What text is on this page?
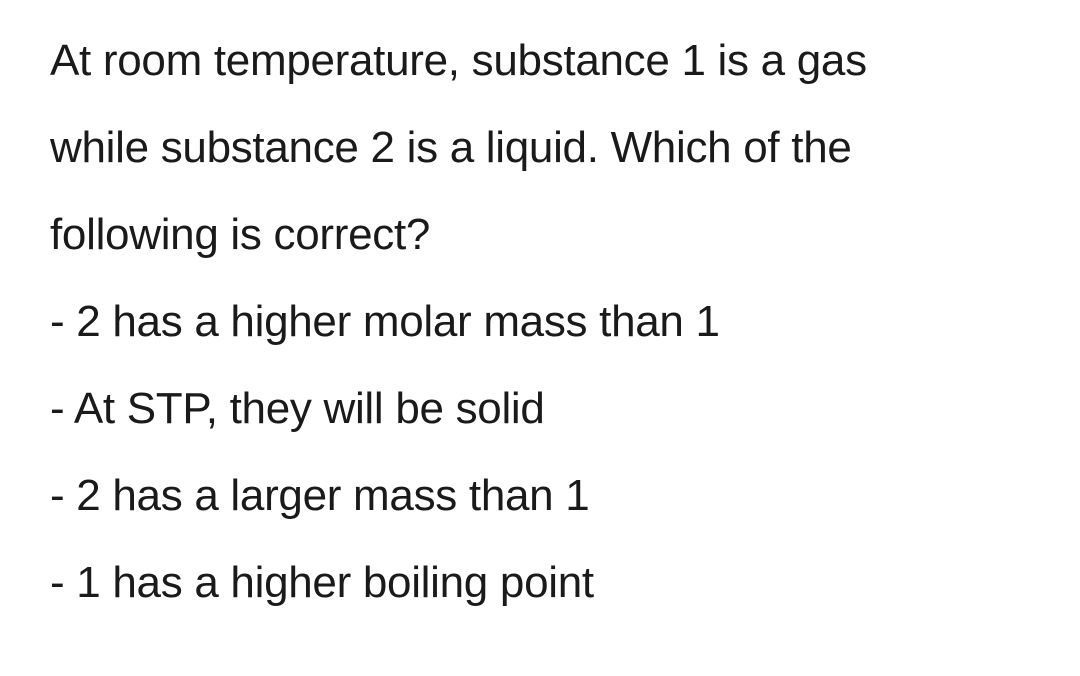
At room temperature, substance 1 is a gas
while substance 2 is a liquid. Which of the
following is correct?
- 2 has a higher molar mass than 1
- At STP, they will be solid
- 2 has a larger mass than 1
- 1 has a higher boiling point
